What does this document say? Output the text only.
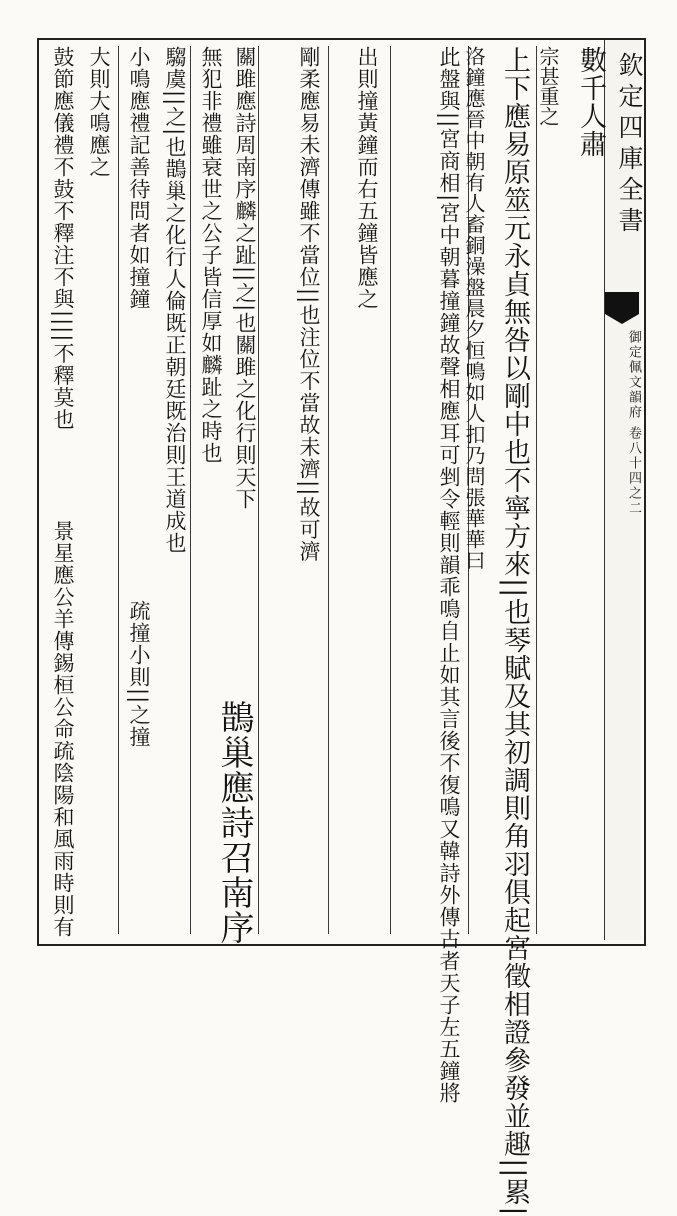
欽定四庫全書
御定佩文韻府 卷八十四之二
數千人肅
宗甚重之
上下應易原筮元永貞無咎以剛中也不寧方來||也琴賦及其初調則角羽俱起宮徵相證參發並趣||累|
洛鐘應晉中朝有人畜銅澡盤晨夕恒鳴如人扣乃問張華華曰
此盤與||宮商相|宮中朝暮撞鐘故聲相應耳可剉令輕則韻乖鳴自止如其言後不復鳴又韓詩外傳古者天子左五鐘將
出則撞黃鐘而右五鐘皆應之
剛柔應易未濟傳雖不當位||也注位不當故未濟||故可濟
關雎應詩周南序麟之趾||之|也關雎之化行則天下
無犯非禮雖衰世之公子皆信厚如麟趾之時也
鵲巢應詩召南序
騶虞||之|也鵲巢之化行人倫既正朝廷既治則王道成也
小鳴應禮記善待問者如撞鐘
疏撞小則||之撞
大則大鳴應之
鼓節應儀禮不鼓不釋注不與||||不釋莫也
景星應公羊傳錫桓公命疏陰陽和風雨時則有
